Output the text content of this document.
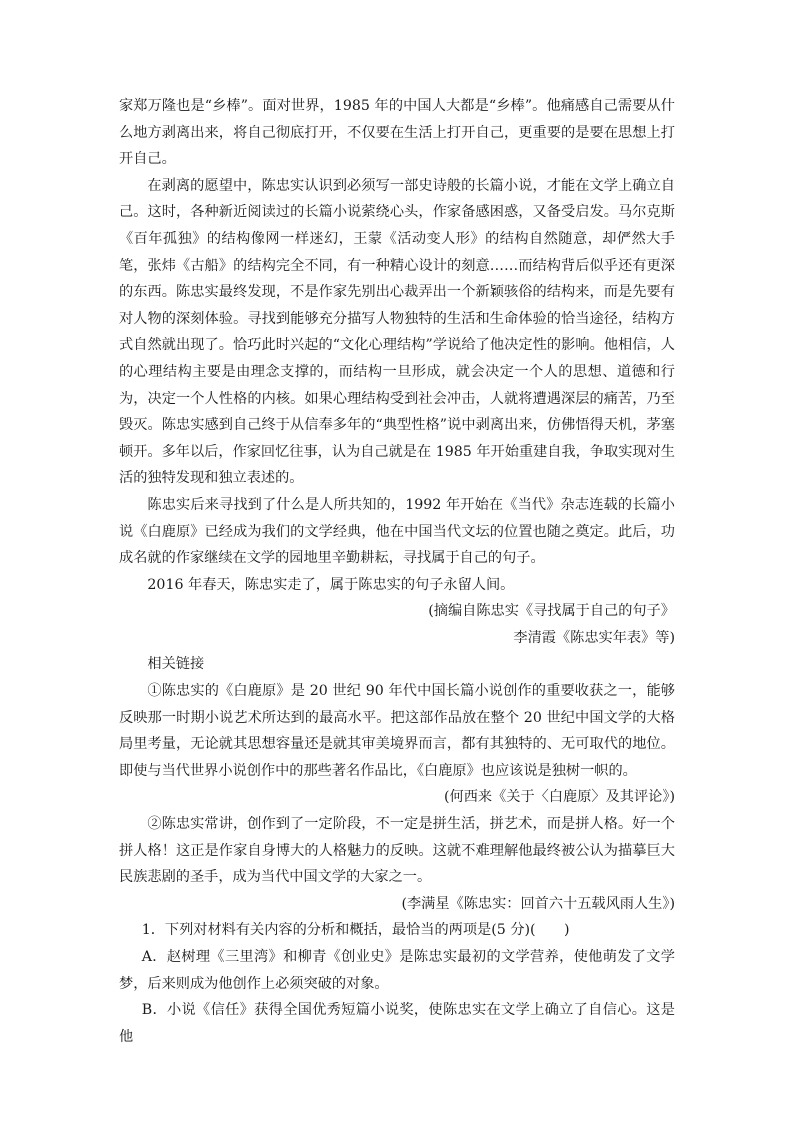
家郑万隆也是“乡棒”。面对世界，1985 年的中国人大都是“乡棒”。他痛感自己需要从什么地方剥离出来，将自己彻底打开，不仅要在生活上打开自己，更重要的是要在思想上打开自己。

在剥离的愿望中，陈忠实认识到必须写一部史诗般的长篇小说，才能在文学上确立自己。这时，各种新近阅读过的长篇小说萦绕心头，作家备感困惑，又备受启发。马尔克斯《百年孤独》的结构像网一样迷幻，王蒙《活动变人形》的结构自然随意，却俨然大手笔，张炜《古船》的结构完全不同，有一种精心设计的刻意……而结构背后似乎还有更深的东西。陈忠实最终发现，不是作家先别出心裁弄出一个新颖骇俗的结构来，而是先要有对人物的深刻体验。寻找到能够充分描写人物独特的生活和生命体验的恰当途径，结构方式自然就出现了。恰巧此时兴起的“文化心理结构”学说给了他决定性的影响。他相信，人的心理结构主要是由理念支撑的，而结构一旦形成，就会决定一个人的思想、道德和行为，决定一个人性格的内核。如果心理结构受到社会冲击，人就将遭遇深层的痛苦，乃至毁灭。陈忠实感到自己终于从信奉多年的“典型性格”说中剥离出来，仿佛悟得天机，茅塞顿开。多年以后，作家回忆往事，认为自己就是在 1985 年开始重建自我，争取实现对生活的独特发现和独立表述的。

陈忠实后来寻找到了什么是人所共知的，1992 年开始在《当代》杂志连载的长篇小说《白鹿原》已经成为我们的文学经典，他在中国当代文坛的位置也随之奠定。此后，功成名就的作家继续在文学的园地里辛勤耕耘，寻找属于自己的句子。

2016 年春天，陈忠实走了，属于陈忠实的句子永留人间。

(摘编自陈忠实《寻找属于自己的句子》

李清霞《陈忠实年表》等)

相关链接

①陈忠实的《白鹿原》是 20 世纪 90 年代中国长篇小说创作的重要收获之一，能够反映那一时期小说艺术所达到的最高水平。把这部作品放在整个 20 世纪中国文学的大格局里考量，无论就其思想容量还是就其审美境界而言，都有其独特的、无可取代的地位。即使与当代世界小说创作中的那些著名作品比，《白鹿原》也应该说是独树一帜的。

(何西来《关于〈白鹿原〉及其评论》)

②陈忠实常讲，创作到了一定阶段，不一定是拼生活，拼艺术，而是拼人格。好一个拼人格！这正是作家自身博大的人格魅力的反映。这就不难理解他最终被公认为描摹巨大民族悲剧的圣手，成为当代中国文学的大家之一。

(李满星《陈忠实：回首六十五载风雨人生》)

1．下列对材料有关内容的分析和概括，最恰当的两项是(5 分)(　　)

A．赵树理《三里湾》和柳青《创业史》是陈忠实最初的文学营养，使他萌发了文学梦，后来则成为他创作上必须突破的对象。

B．小说《信任》获得全国优秀短篇小说奖，使陈忠实在文学上确立了自信心。这是他
